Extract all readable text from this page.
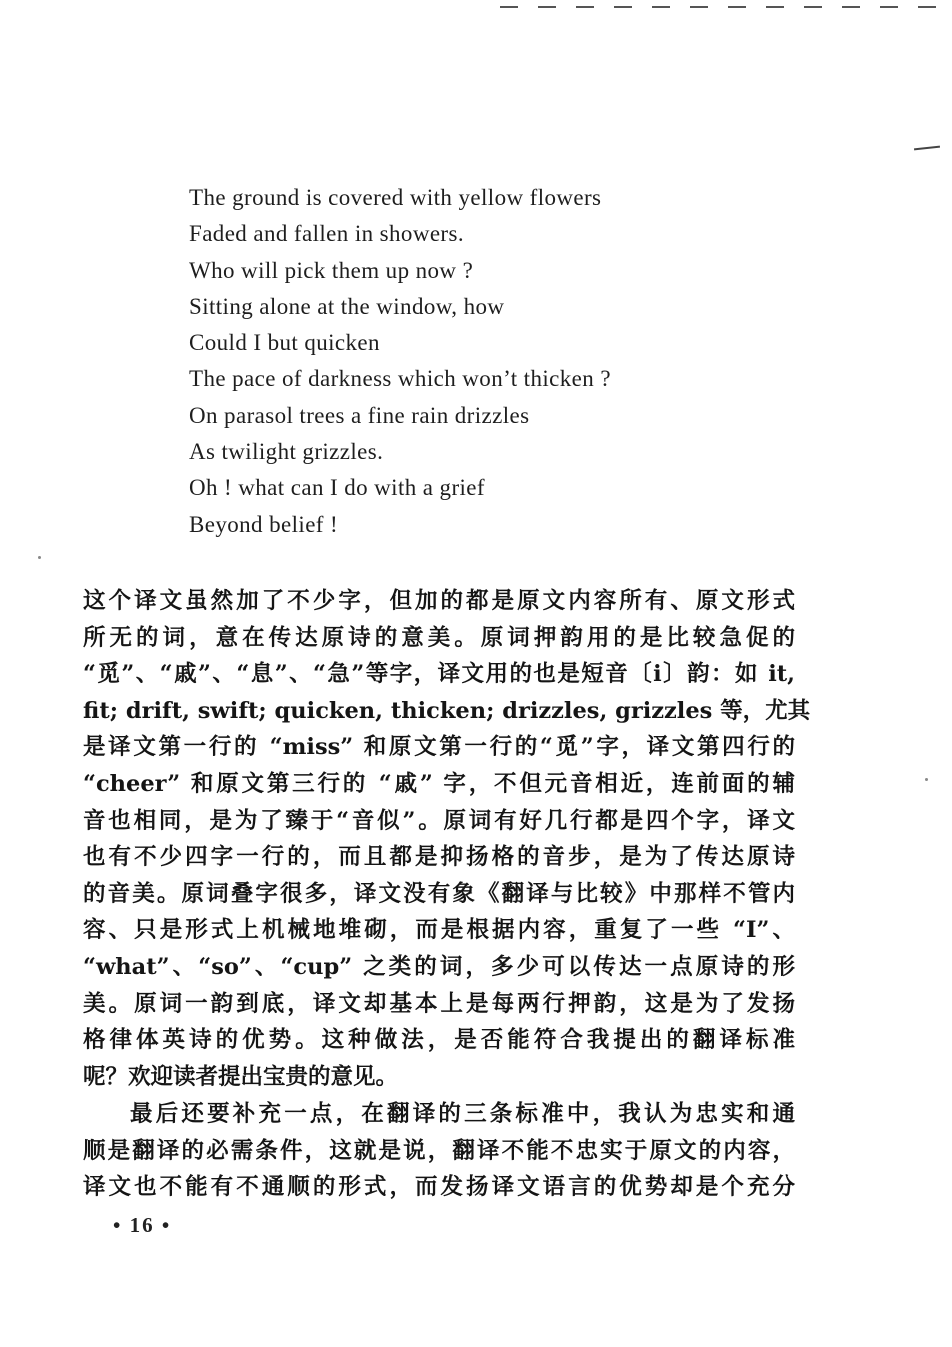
The ground is covered with yellow flowers
Faded and fallen in showers.
Who will pick them up now ?
Sitting alone at the window, how
Could I but quicken
The pace of darkness which won’t thicken ?
On parasol trees a fine rain drizzles
As twilight grizzles.
Oh ! what can I do with a grief
Beyond belief !
这个译文虽然加了不少字，但加的都是原文内容所有、原文形式
所无的词，意在传达原诗的意美。原词押韵用的是比较急促的
“觅”、“戚”、“息”、“急”等字，译文用的也是短音〔i〕韵：如 it,
fit; drift, swift; quicken, thicken; drizzles, grizzles 等，尤其
是译文第一行的 “miss” 和原文第一行的“觅”字，译文第四行的
“cheer” 和原文第三行的 “戚” 字，不但元音相近，连前面的辅
音也相同，是为了臻于“音似”。原词有好几行都是四个字，译文
也有不少四字一行的，而且都是抑扬格的音步，是为了传达原诗
的音美。原词叠字很多，译文没有象《翻译与比较》中那样不管内
容、只是形式上机械地堆砌，而是根据内容，重复了一些 “I”、
“what”、“so”、“cup” 之类的词，多少可以传达一点原诗的形
美。原词一韵到底，译文却基本上是每两行押韵，这是为了发扬
格律体英诗的优势。这种做法，是否能符合我提出的翻译标准
呢？欢迎读者提出宝贵的意见。
最后还要补充一点，在翻译的三条标准中，我认为忠实和通
顺是翻译的必需条件，这就是说，翻译不能不忠实于原文的内容，
译文也不能有不通顺的形式，而发扬译文语言的优势却是个充分
• 16 •
